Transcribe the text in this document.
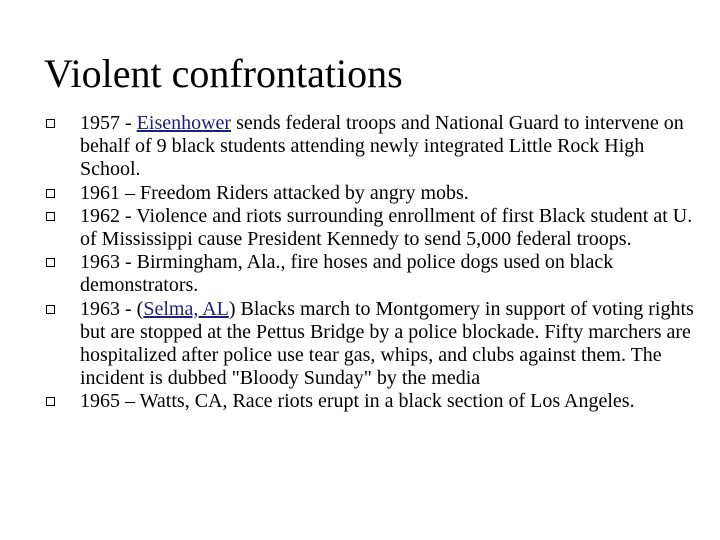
Violent confrontations
1957 - Eisenhower sends federal troops and National Guard to intervene on behalf of 9 black students attending newly integrated Little Rock High School.
1961 – Freedom Riders attacked by angry mobs.
1962 - Violence and riots surrounding enrollment of first Black student at U. of Mississippi cause President Kennedy to send 5,000 federal troops.
1963 - Birmingham, Ala., fire hoses and police dogs used on black demonstrators.
1963 - (Selma, AL) Blacks march to Montgomery in support of voting rights but are stopped at the Pettus Bridge by a police blockade. Fifty marchers are hospitalized after police use tear gas, whips, and clubs against them. The incident is dubbed "Bloody Sunday" by the media
1965 – Watts, CA, Race riots erupt in a black section of Los Angeles.
